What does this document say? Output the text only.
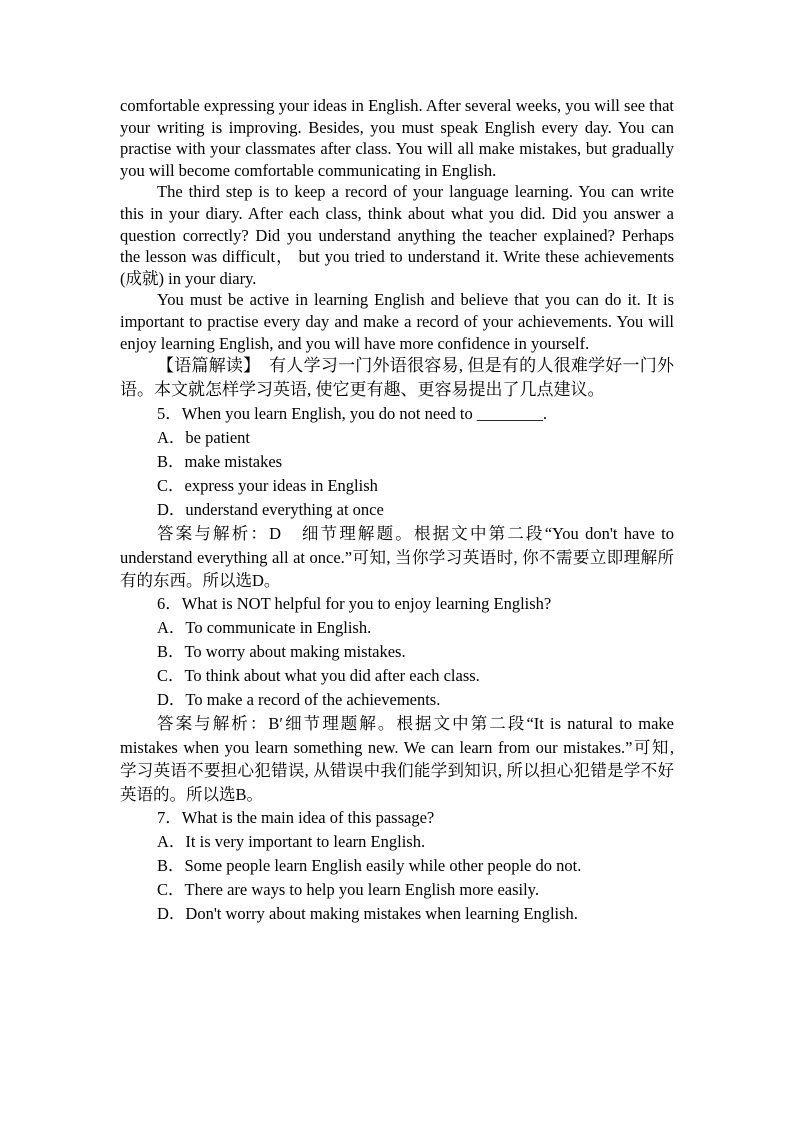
comfortable expressing your ideas in English. After several weeks, you will see that your writing is improving. Besides, you must speak English every day. You can practise with your classmates after class. You will all make mistakes, but gradually you will become comfortable communicating in English.

The third step is to keep a record of your language learning. You can write this in your diary. After each class, think about what you did. Did you answer a question correctly? Did you understand anything the teacher explained? Perhaps the lesson was difficult， but you tried to understand it. Write these achievements (成就) in your diary.

You must be active in learning English and believe that you can do it. It is important to practise every day and make a record of your achievements. You will enjoy learning English, and you will have more confidence in yourself.

【语篇解读】　有人学习一门外语很容易, 但是有的人很难学好一门外语。本文就怎样学习英语, 使它更有趣、更容易提出了几点建议。

5．When you learn English, you do not need to ________.

A．be patient

B．make mistakes

C．express your ideas in English

D．understand everything at once

答案与解析：D　细节理解题。根据文中第二段“You don't have to understand everything all at once.”可知, 当你学习英语时, 你不需要立即理解所有的东西。所以选D。

6．What is NOT helpful for you to enjoy learning English?

A．To communicate in English.

B．To worry about making mistakes.

C．To think about what you did after each class.

D．To make a record of the achievements.

答案与解析：B′细节理题解。根据文中第二段“It is natural to make mistakes when you learn something new. We can learn from our mistakes.”可知, 学习英语不要担心犯错误, 从错误中我们能学到知识, 所以担心犯错是学不好英语的。所以选B。

7．What is the main idea of this passage?

A．It is very important to learn English.

B．Some people learn English easily while other people do not.

C．There are ways to help you learn English more easily.

D．Don't worry about making mistakes when learning English.
